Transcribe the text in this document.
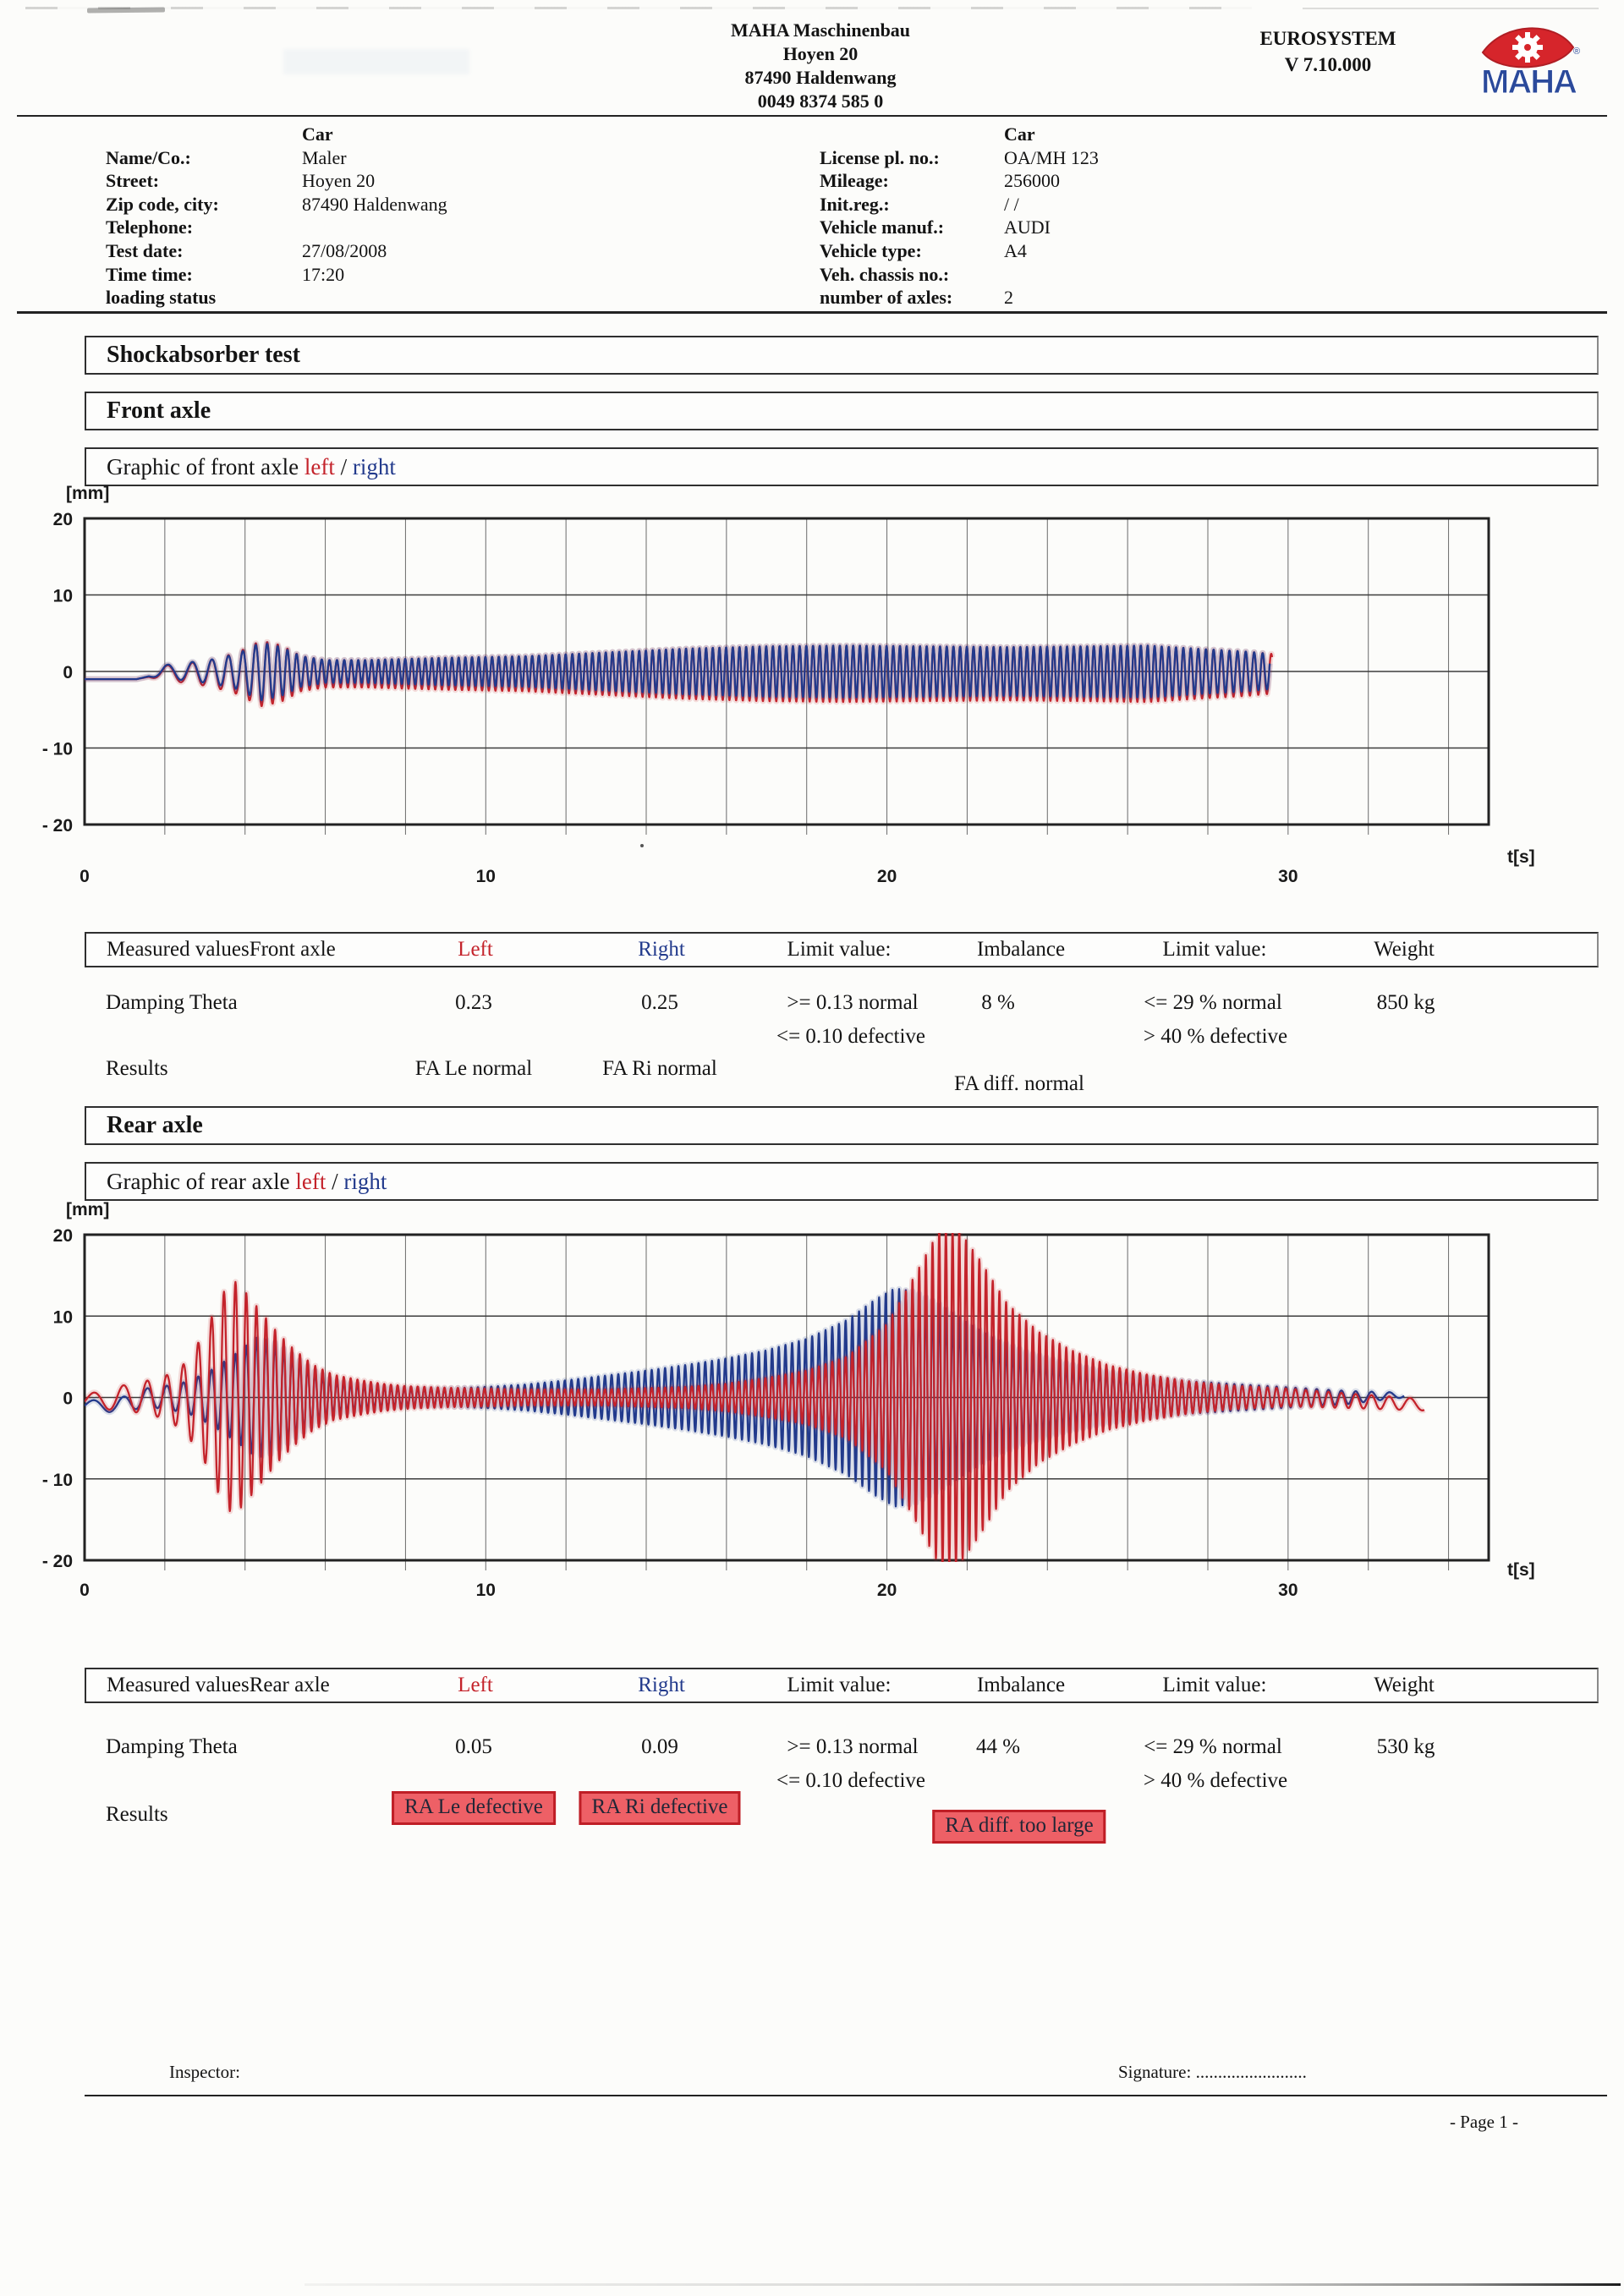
MAHA Maschinenbau
Hoyen 20
87490 Haldenwang
0049 8374 585 0
EUROSYSTEM
V 7.10.000
®
MAHA
Car
Name/Co.:	Maler
Street:	Hoyen 20
Zip code, city:	87490 Haldenwang
Telephone:
Test date:	27/08/2008
Time time:	17:20
loading status
Car
License pl. no.:	OA/MH 123
Mileage:	256000
Init.reg.:	/ /
Vehicle manuf.:	AUDI
Vehicle type:	A4
Veh. chassis no.:
number of axles:	2
Shockabsorber test
Front axle
Graphic of front axle left / right
20
10
0
- 10
- 20
0	10	20	30
t[s]
[mm]
Measured valuesFront axle	Left	Right	Limit value:	Imbalance	Limit value:	Weight
Damping Theta	0.23	0.25	>= 0.13 normal	8 %	<= 29 % normal	850 kg
<= 0.10 defective	> 40 % defective
Results	FA Le normal	FA Ri normal
FA diff. normal
Rear axle
Graphic of rear axle left / right
20
10
0
- 10
- 20
0	10	20	30
t[s]
[mm]
Measured valuesRear axle	Left	Right	Limit value:	Imbalance	Limit value:	Weight
Damping Theta	0.05	0.09	>= 0.13 normal	44 %	<= 29 % normal	530 kg
<= 0.10 defective	> 40 % defective
Results	RA Le defective	RA Ri defective
RA diff. too large
Inspector:	Signature: .........................
- Page 1 -
